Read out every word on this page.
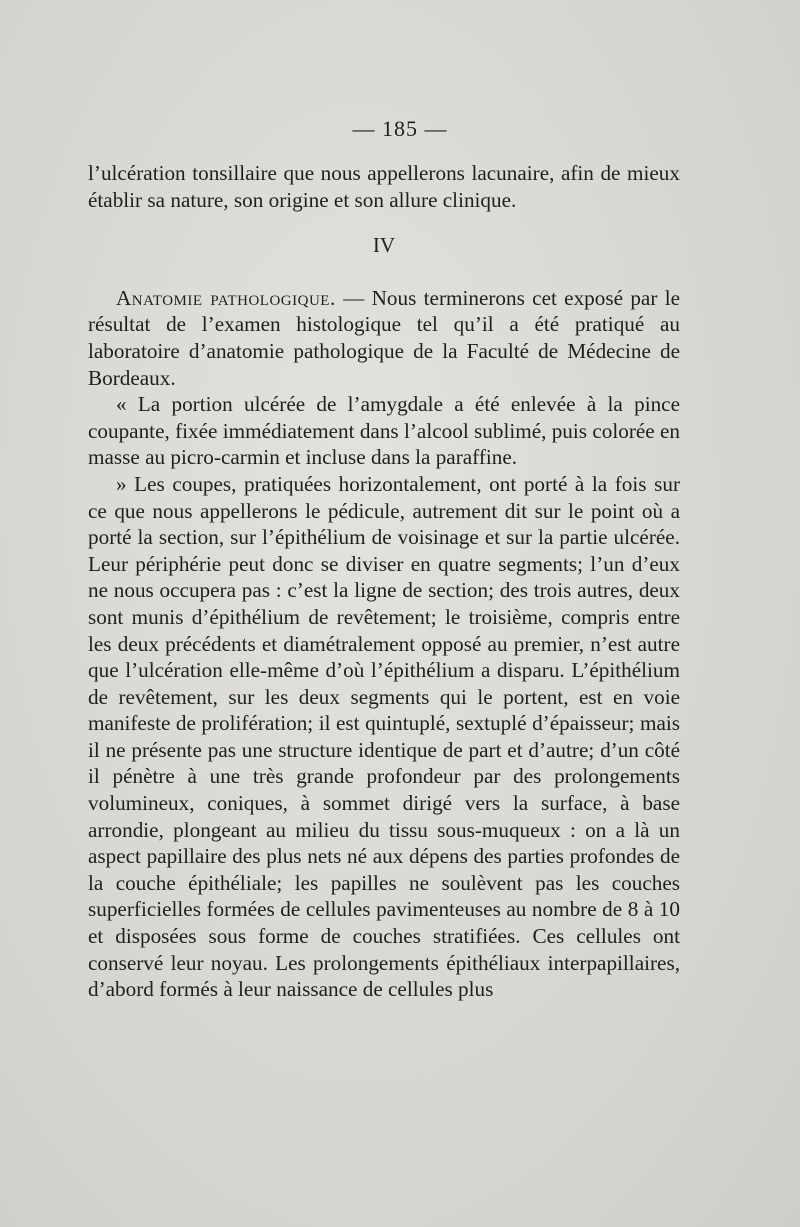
— 185 —

l’ulcération tonsillaire que nous appellerons lacunaire, afin de mieux établir sa nature, son origine et son allure clinique.

IV

Anatomie pathologique. — Nous terminerons cet exposé par le résultat de l’examen histologique tel qu’il a été pratiqué au laboratoire d’anatomie pathologique de la Faculté de Médecine de Bordeaux.

« La portion ulcérée de l’amygdale a été enlevée à la pince coupante, fixée immédiatement dans l’alcool sublimé, puis colorée en masse au picro-carmin et incluse dans la paraffine.

» Les coupes, pratiquées horizontalement, ont porté à la fois sur ce que nous appellerons le pédicule, autrement dit sur le point où a porté la section, sur l’épithélium de voisinage et sur la partie ulcérée. Leur périphérie peut donc se diviser en quatre segments; l’un d’eux ne nous occupera pas : c’est la ligne de section; des trois autres, deux sont munis d’épithélium de revêtement; le troisième, compris entre les deux précédents et diamétralement opposé au premier, n’est autre que l’ulcération elle-même d’où l’épithélium a disparu. L’épithélium de revêtement, sur les deux segments qui le portent, est en voie manifeste de prolifération; il est quintuplé, sextuplé d’épaisseur; mais il ne présente pas une structure identique de part et d’autre; d’un côté il pénètre à une très grande profondeur par des prolongements volumineux, coniques, à sommet dirigé vers la surface, à base arrondie, plongeant au milieu du tissu sous-muqueux : on a là un aspect papillaire des plus nets né aux dépens des parties profondes de la couche épithéliale; les papilles ne soulèvent pas les couches superficielles formées de cellules pavimenteuses au nombre de 8 à 10 et disposées sous forme de couches stratifiées. Ces cellules ont conservé leur noyau. Les prolongements épithéliaux interpapillaires, d’abord formés à leur naissance de cellules plus
